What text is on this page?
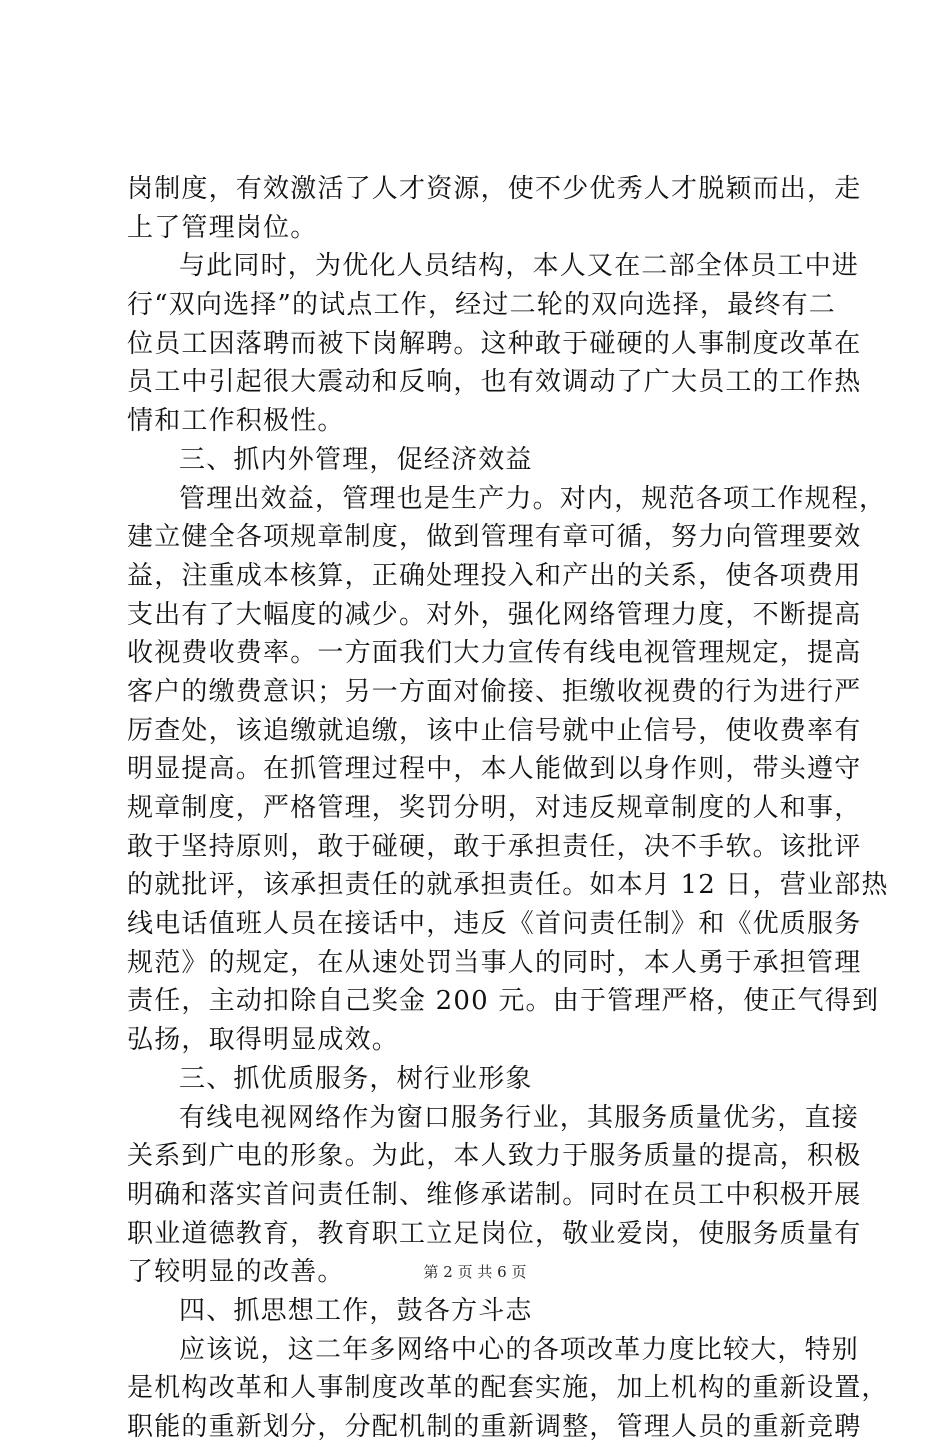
岗制度，有效激活了人才资源，使不少优秀人才脱颖而出，走
上了管理岗位。
与此同时，为优化人员结构，本人又在二部全体员工中进
行“双向选择”的试点工作，经过二轮的双向选择，最终有二
位员工因落聘而被下岗解聘。这种敢于碰硬的人事制度改革在
员工中引起很大震动和反响，也有效调动了广大员工的工作热
情和工作积极性。
三、抓内外管理，促经济效益
管理出效益，管理也是生产力。对内，规范各项工作规程，
建立健全各项规章制度，做到管理有章可循，努力向管理要效
益，注重成本核算，正确处理投入和产出的关系，使各项费用
支出有了大幅度的减少。对外，强化网络管理力度，不断提高
收视费收费率。一方面我们大力宣传有线电视管理规定，提高
客户的缴费意识；另一方面对偷接、拒缴收视费的行为进行严
厉查处，该追缴就追缴，该中止信号就中止信号，使收费率有
明显提高。在抓管理过程中，本人能做到以身作则，带头遵守
规章制度，严格管理，奖罚分明，对违反规章制度的人和事，
敢于坚持原则，敢于碰硬，敢于承担责任，决不手软。该批评
的就批评，该承担责任的就承担责任。如本月 12 日，营业部热
线电话值班人员在接话中，违反《首问责任制》和《优质服务
规范》的规定，在从速处罚当事人的同时，本人勇于承担管理
责任，主动扣除自己奖金 200 元。由于管理严格，使正气得到
弘扬，取得明显成效。
三、抓优质服务，树行业形象
有线电视网络作为窗口服务行业，其服务质量优劣，直接
关系到广电的形象。为此，本人致力于服务质量的提高，积极
明确和落实首问责任制、维修承诺制。同时在员工中积极开展
职业道德教育，教育职工立足岗位，敬业爱岗，使服务质量有
了较明显的改善。
四、抓思想工作，鼓各方斗志
应该说，这二年多网络中心的各项改革力度比较大，特别
是机构改革和人事制度改革的配套实施，加上机构的重新设置，
职能的重新划分，分配机制的重新调整，管理人员的重新竞聘
第 2 页 共 6 页
